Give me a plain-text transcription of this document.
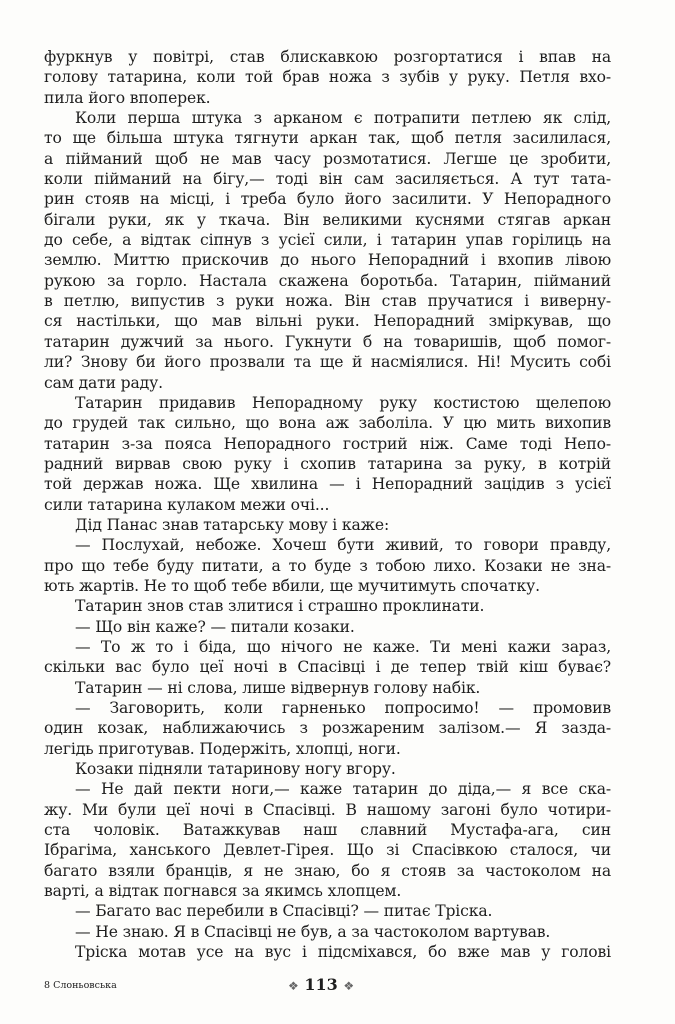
фуркнув у повітрі, став блискавкою розгортатися і впав на
голову татарина, коли той брав ножа з зубів у руку. Петля вхо-
пила його впоперек.
Коли перша штука з арканом є потрапити петлею як слід,
то ще більша штука тягнути аркан так, щоб петля засилилася,
а пійманий щоб не мав часу розмотатися. Легше це зробити,
коли пійманий на бігу,— тоді він сам засиляється. А тут тата-
рин стояв на місці, і треба було його засилити. У Непорадного
бігали руки, як у ткача. Він великими куснями стягав аркан
до себе, а відтак сіпнув з усієї сили, і татарин упав горілиць на
землю. Миттю прискочив до нього Непорадний і вхопив лівою
рукою за горло. Настала скажена боротьба. Татарин, пійманий
в петлю, випустив з руки ножа. Він став пручатися і виверну-
ся настільки, що мав вільні руки. Непорадний зміркував, що
татарин дужчий за нього. Гукнути б на товаришів, щоб помог-
ли? Знову би його прозвали та ще й насміялися. Ні! Мусить собі
сам дати раду.
Татарин придавив Непорадному руку костистою щелепою
до грудей так сильно, що вона аж заболіла. У цю мить вихопив
татарин з-за пояса Непорадного гострий ніж. Саме тоді Непо-
радний вирвав свою руку і схопив татарина за руку, в котрій
той держав ножа. Ще хвилина — і Непорадний зацідив з усієї
сили татарина кулаком межи очі...
Дід Панас знав татарську мову і каже:
— Послухай, небоже. Хочеш бути живий, то говори правду,
про що тебе буду питати, а то буде з тобою лихо. Козаки не зна-
ють жартів. Не то щоб тебе вбили, ще мучитимуть спочатку.
Татарин знов став злитися і страшно проклинати.
— Що він каже? — питали козаки.
— То ж то і біда, що нічого не каже. Ти мені кажи зараз,
скільки вас було цеї ночі в Спасівці і де тепер твій кіш буває?
Татарин — ні слова, лише відвернув голову набік.
— Заговорить, коли гарненько попросимо! — промовив
один козак, наближаючись з розжареним залізом.— Я зазда-
легідь приготував. Подержіть, хлопці, ноги.
Козаки підняли татаринову ногу вгору.
— Не дай пекти ноги,— каже татарин до діда,— я все ска-
жу. Ми були цеї ночі в Спасівці. В нашому загоні було чотири-
ста чоловік. Ватажкував наш славний Мустафа-ага, син
Ібрагіма, ханського Девлет-Гірея. Що зі Спасівкою сталося, чи
багато взяли бранців, я не знаю, бо я стояв за частоколом на
варті, а відтак погнався за якимсь хлопцем.
— Багато вас перебили в Спасівці? — питає Тріска.
— Не знаю. Я в Спасівці не був, а за частоколом вартував.
Тріска мотав усе на вус і підсміхався, бо вже мав у голові
8 Слоньовська	❖ 113 ❖
